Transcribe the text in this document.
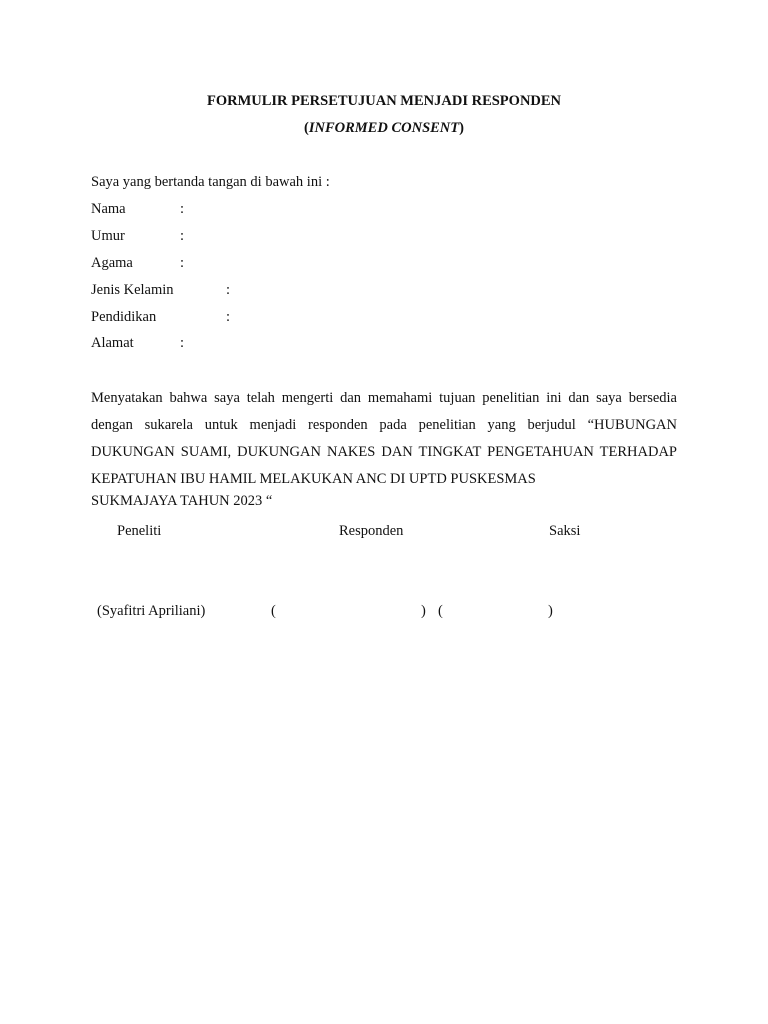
FORMULIR PERSETUJUAN MENJADI RESPONDEN
(INFORMED CONSENT)
Saya yang bertanda tangan di bawah ini :
Nama	:
Umur	:
Agama	:
Jenis Kelamin	:
Pendidikan	:
Alamat	:
Menyatakan bahwa saya telah mengerti dan memahami tujuan penelitian ini dan saya bersedia dengan sukarela untuk menjadi responden pada penelitian yang berjudul “HUBUNGAN DUKUNGAN SUAMI, DUKUNGAN NAKES DAN TINGKAT PENGETAHUAN TERHADAP KEPATUHAN IBU HAMIL MELAKUKAN ANC DI UPTD PUSKESMAS
SUKMAJAYA TAHUN 2023 “
Peneliti	Responden	Saksi
(Syafitri Apriliani)	(	) (	)
